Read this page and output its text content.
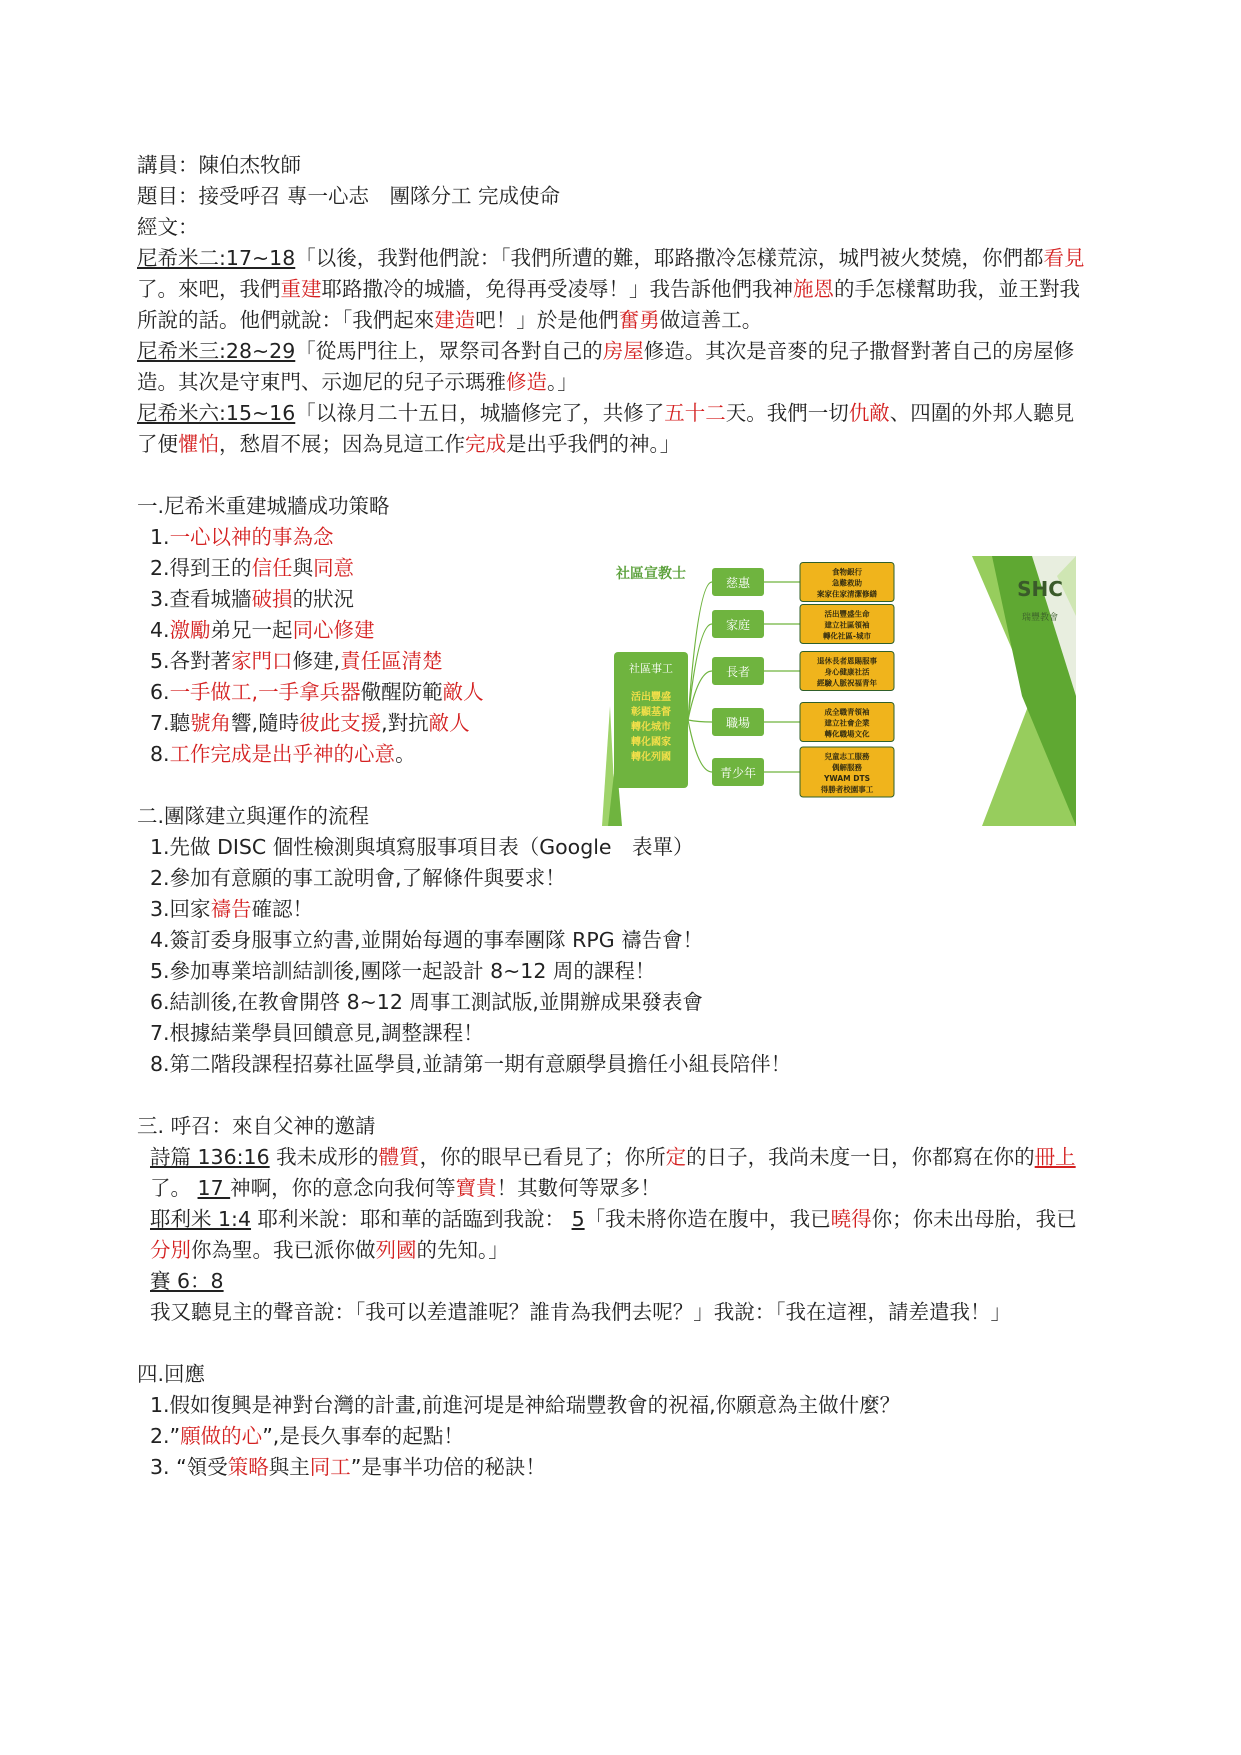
講員：陳伯杰牧師
題目：接受呼召 專一心志　團隊分工 完成使命
經文：
尼希米二:17~18「以後，我對他們說：「我們所遭的難，耶路撒冷怎樣荒涼，城門被火焚燒，你們都看見了。來吧，我們重建耶路撒冷的城牆，免得再受凌辱！」我告訴他們我神施恩的手怎樣幫助我，並王對我所說的話。他們就說：「我們起來建造吧！」於是他們奮勇做這善工。
尼希米三:28~29「從馬門往上，眾祭司各對自己的房屋修造。其次是音麥的兒子撒督對著自己的房屋修造。其次是守東門、示迦尼的兒子示瑪雅修造。」
尼希米六:15~16「以祿月二十五日，城牆修完了，共修了五十二天。我們一切仇敵、四圍的外邦人聽見了便懼怕，愁眉不展；因為見這工作完成是出乎我們的神。」
一.尼希米重建城牆成功策略
1.一心以神的事為念
2.得到王的信任與同意
3.查看城牆破損的狀況
4.激勵弟兄一起同心修建
5.各對著家門口修建,責任區清楚
6.一手做工,一手拿兵器儆醒防範敵人
7.聽號角響,隨時彼此支援,對抗敵人
8.工作完成是出乎神的心意。
二.團隊建立與運作的流程
1.先做 DISC 個性檢測與填寫服事項目表（Google　表單）
2.參加有意願的事工說明會,了解條件與要求！
3.回家禱告確認！
4.簽訂委身服事立約書,並開始每週的事奉團隊 RPG 禱告會！
5.參加專業培訓結訓後,團隊一起設計 8~12 周的課程！
6.結訓後,在教會開啓 8~12 周事工測試版,並開辦成果發表會
7.根據結業學員回饋意見,調整課程！
8.第二階段課程招募社區學員,並請第一期有意願學員擔任小組長陪伴！
三. 呼召：來自父神的邀請
詩篇 136:16 我未成形的體質，你的眼早已看見了；你所定的日子，我尚未度一日，你都寫在你的冊上了。 17 神啊，你的意念向我何等寶貴！其數何等眾多！
耶利米 1:4 耶利米說：耶和華的話臨到我說： 5「我未將你造在腹中，我已曉得你；你未出母胎，我已分別你為聖。我已派你做列國的先知。」
賽 6：8我又聽見主的聲音說：「我可以差遣誰呢？誰肯為我們去呢？」我說：「我在這裡，請差遣我！」
四.回應
1.假如復興是神對台灣的計畫,前進河堤是神給瑞豐教會的祝福,你願意為主做什麼？
2.”願做的心”,是長久事奉的起點！
3. “領受策略與主同工”是事半功倍的秘訣！
SHC
瑞豐教會
社區宣教士
社區事工
活出豐盛
彰顯基督
轉化城市
轉化國家
轉化列國
慈惠
食物銀行
急難救助
案家住家清潔修繕
家庭
活出豐盛生命
建立社區領袖
轉化社區-城市
長者
退休長者恩賜服事
身心健康社活
經驗人脈祝福青年
職場
成全職青領袖
建立社會企業
轉化職場文化
青少年
兒童志工服務
偶解服務
YWAM DTS
得勝者校園事工
